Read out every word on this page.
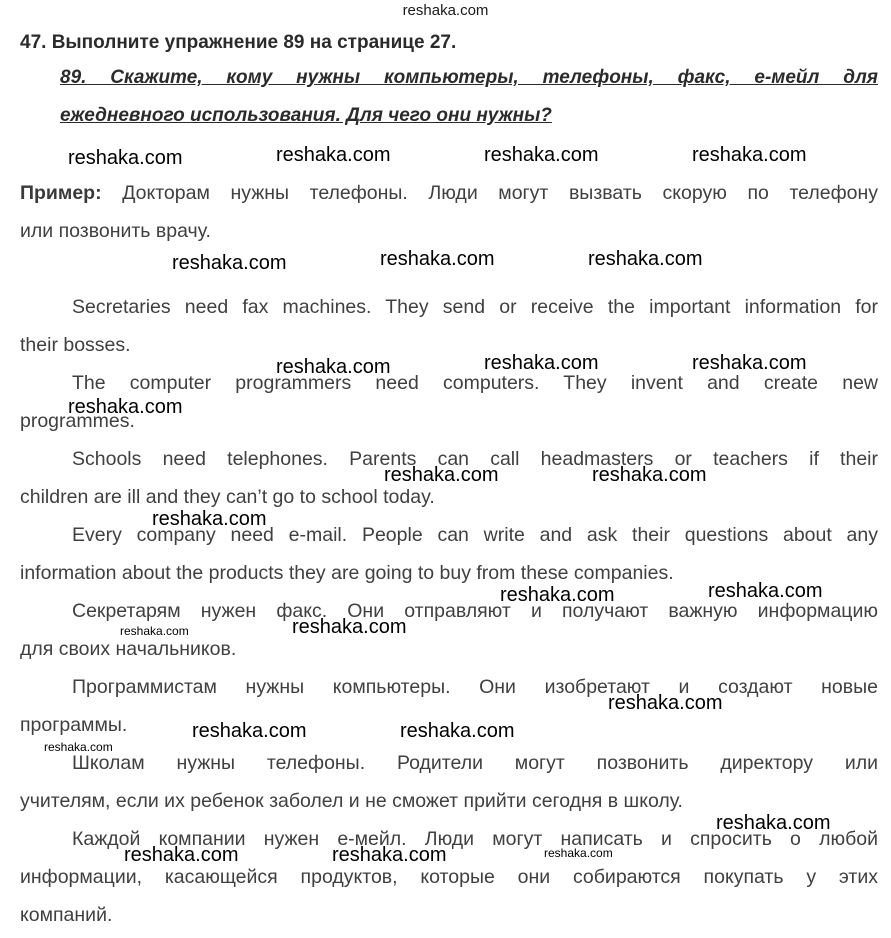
reshaka.com
47. Выполните упражнение 89 на странице 27.
89. Скажите, кому нужны компьютеры, телефоны, факс, е-мейл для
ежедневного использования. Для чего они нужны?
Пример: Докторам нужны телефоны. Люди могут вызвать скорую по телефону
или позвонить врачу.
Secretaries need fax machines. They send or receive the important information for
their bosses.
The computer programmers need computers. They invent and create new
programmes.
Schools need telephones. Parents can call headmasters or teachers if their
children are ill and they can’t go to school today.
Every company need e-mail. People can write and ask their questions about any
information about the products they are going to buy from these companies.
Секретарям нужен факс. Они отправляют и получают важную информацию
для своих начальников.
Программистам нужны компьютеры. Они изобретают и создают новые
программы.
Школам нужны телефоны. Родители могут позвонить директору или
учителям, если их ребенок заболел и не сможет прийти сегодня в школу.
Каждой компании нужен е-мейл. Люди могут написать и спросить о любой
информации, касающейся продуктов, которые они собираются покупать у этих
компаний.
reshaka.com	reshaka.com	reshaka.com	reshaka.com
reshaka.com	reshaka.com	reshaka.com
reshaka.com	reshaka.com	reshaka.com
reshaka.com
reshaka.com	reshaka.com
reshaka.com
reshaka.com
reshaka.com
reshaka.com
reshaka.com
reshaka.com
reshaka.com	reshaka.com
reshaka.com
reshaka.com
reshaka.com	reshaka.com	reshaka.com
